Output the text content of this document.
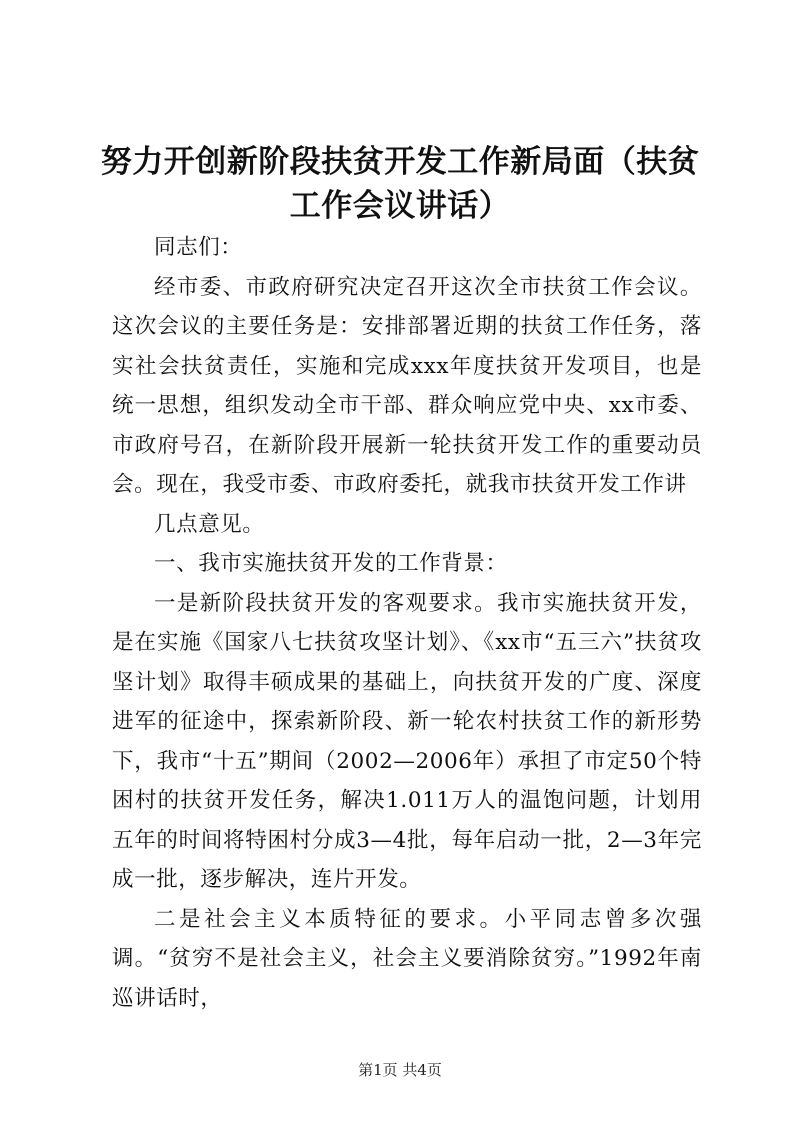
努力开创新阶段扶贫开发工作新局面（扶贫工作会议讲话）

同志们：

经市委、市政府研究决定召开这次全市扶贫工作会议。这次会议的主要任务是：安排部署近期的扶贫工作任务，落实社会扶贫责任，实施和完成xxx年度扶贫开发项目，也是统一思想，组织发动全市干部、群众响应党中央、xx市委、市政府号召，在新阶段开展新一轮扶贫开发工作的重要动员会。现在，我受市委、市政府委托，就我市扶贫开发工作讲

几点意见。

一、我市实施扶贫开发的工作背景：

一是新阶段扶贫开发的客观要求。我市实施扶贫开发，是在实施《国家八七扶贫攻坚计划》、《xx市“五三六”扶贫攻坚计划》取得丰硕成果的基础上，向扶贫开发的广度、深度进军的征途中，探索新阶段、新一轮农村扶贫工作的新形势下，我市“十五”期间（2002—2006年）承担了市定50个特困村的扶贫开发任务，解决1.011万人的温饱问题，计划用五年的时间将特困村分成3—4批，每年启动一批，2—3年完成一批，逐步解决，连片开发。

二是社会主义本质特征的要求。小平同志曾多次强调。“贫穷不是社会主义，社会主义要消除贫穷。”1992年南巡讲话时，

第1页 共4页
